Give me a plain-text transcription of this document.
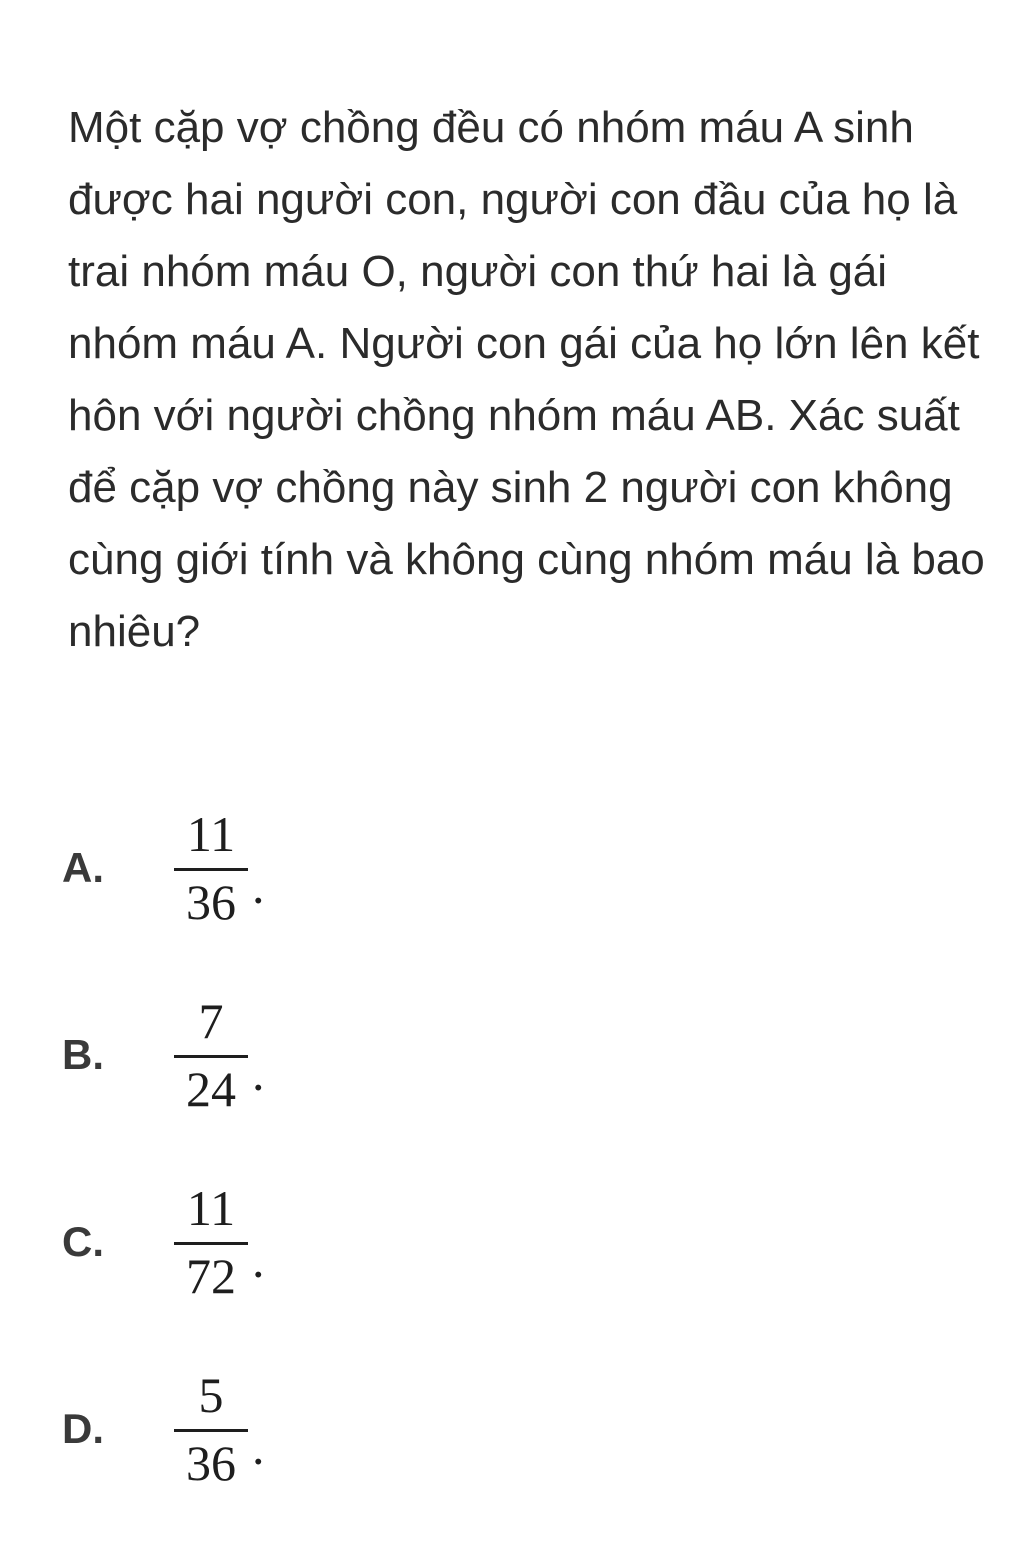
Một cặp vợ chồng đều có nhóm máu A sinh được hai người con, người con đầu của họ là trai nhóm máu O, người con thứ hai là gái nhóm máu A. Người con gái của họ lớn lên kết hôn với người chồng nhóm máu AB. Xác suất để cặp vợ chồng này sinh 2 người con không cùng giới tính và không cùng nhóm máu là bao nhiêu?
A.
11
36 .
B.
7
24 .
C.
11
72 .
D.
5
36 .
